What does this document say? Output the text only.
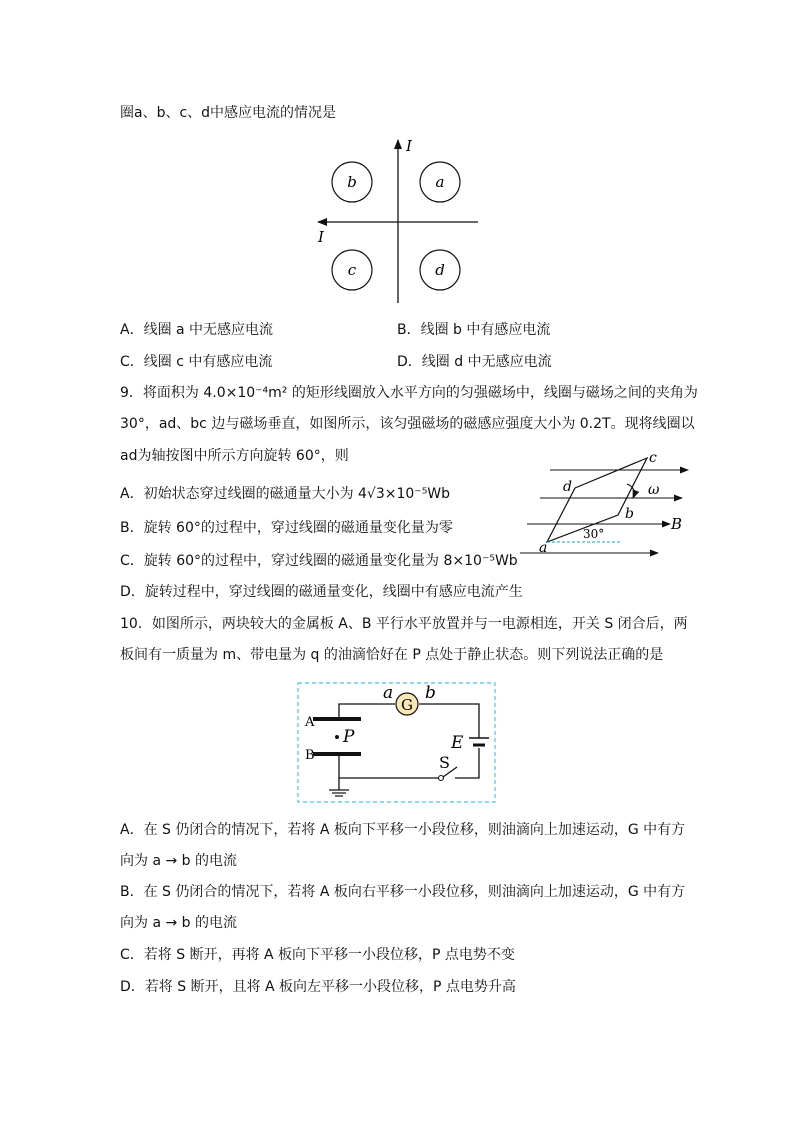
圈a、b、c、d中感应电流的情况是
I
I
b	a
c	d
A．线圈 a 中无感应电流	B．线圈 b 中有感应电流
C．线圈 c 中有感应电流	D．线圈 d 中无感应电流
9．将面积为 4.0×10⁻⁴m² 的矩形线圈放入水平方向的匀强磁场中，线圈与磁场之间的夹角为
30°，ad、bc 边与磁场垂直，如图所示，该匀强磁场的磁感应强度大小为 0.2T。现将线圈以
ad为轴按图中所示方向旋转 60°，则
A．初始状态穿过线圈的磁通量大小为 4√3×10⁻⁵Wb
B．旋转 60°的过程中，穿过线圈的磁通量变化量为零
C．旋转 60°的过程中，穿过线圈的磁通量变化量为 8×10⁻⁵Wb
D．旋转过程中，穿过线圈的磁通量变化，线圈中有感应电流产生
c
d
b
a
ω
B
30°
10．如图所示，两块较大的金属板 A、B 平行水平放置并与一电源相连，开关 S 闭合后，两
板间有一质量为 m、带电量为 q 的油滴恰好在 P 点处于静止状态。则下列说法正确的是
A
B
P
G
a b
E
S
A．在 S 仍闭合的情况下，若将 A 板向下平移一小段位移，则油滴向上加速运动，G 中有方
向为 a → b 的电流
B．在 S 仍闭合的情况下，若将 A 板向右平移一小段位移，则油滴向上加速运动，G 中有方
向为 a → b 的电流
C．若将 S 断开，再将 A 板向下平移一小段位移，P 点电势不变
D．若将 S 断开，且将 A 板向左平移一小段位移，P 点电势升高
